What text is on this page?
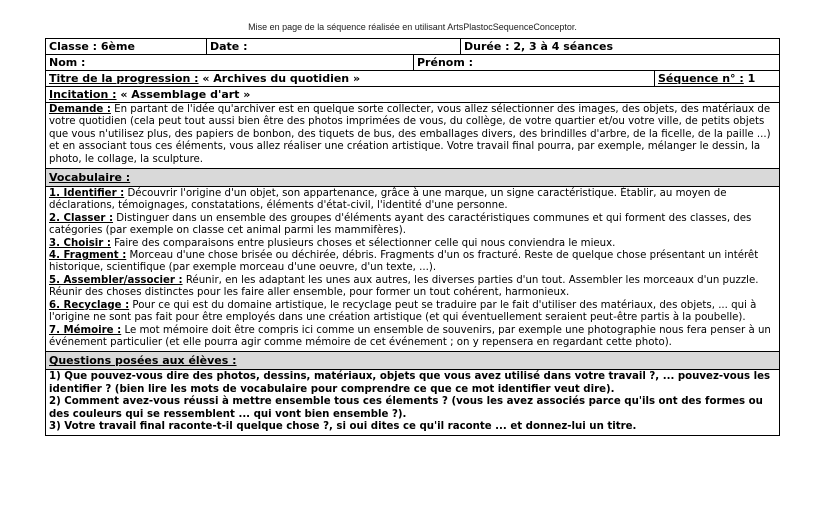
Mise en page de la séquence réalisée en utilisant ArtsPlastocSequenceConceptor.
Classe : 6ème	Date :	Durée : 2, 3 à 4 séances
Nom :	Prénom :
Titre de la progression : « Archives du quotidien »	Séquence n° : 1
Incitation : « Assemblage d'art »
Demande : En partant de l'idée qu'archiver est en quelque sorte collecter, vous allez sélectionner des images, des objets, des matériaux de votre quotidien (cela peut tout aussi bien être des photos imprimées de vous, du collège, de votre quartier et/ou votre ville, de petits objets que vous n'utilisez plus, des papiers de bonbon, des tiquets de bus, des emballages divers, des brindilles d'arbre, de la ficelle, de la paille ...) et en associant tous ces éléments, vous allez réaliser une création artistique. Votre travail final pourra, par exemple, mélanger le dessin, la photo, le collage, la sculpture.
Vocabulaire :

1. Identifier : Découvrir l'origine d'un objet, son appartenance, grâce à une marque, un signe caractéristique. Établir, au moyen de déclarations, témoignages, constatations, éléments d'état-civil, l'identité d'une personne.

2. Classer : Distinguer dans un ensemble des groupes d'éléments ayant des caractéristiques communes et qui forment des classes, des catégories (par exemple on classe cet animal parmi les mammifères).

3. Choisir : Faire des comparaisons entre plusieurs choses et sélectionner celle qui nous conviendra le mieux.

4. Fragment : Morceau d'une chose brisée ou déchirée, débris. Fragments d'un os fracturé. Reste de quelque chose présentant un intérêt historique, scientifique (par exemple morceau d'une oeuvre, d'un texte, ...).

5. Assembler/associer : Réunir, en les adaptant les unes aux autres, les diverses parties d'un tout. Assembler les morceaux d'un puzzle. Réunir des choses distinctes pour les faire aller ensemble, pour former un tout cohérent, harmonieux.

6. Recyclage : Pour ce qui est du domaine artistique, le recyclage peut se traduire par le fait d'utiliser des matériaux, des objets, ... qui à l'origine ne sont pas fait pour être employés dans une création artistique (et qui éventuellement seraient peut-être partis à la poubelle).

7. Mémoire : Le mot mémoire doit être compris ici comme un ensemble de souvenirs, par exemple une photographie nous fera penser à un événement particulier (et elle pourra agir comme mémoire de cet événement ; on y repensera en regardant cette photo).

Questions posées aux élèves :

1) Que pouvez-vous dire des photos, dessins, matériaux, objets que vous avez utilisé dans votre travail ?, ... pouvez-vous les identifier ? (bien lire les mots de vocabulaire pour comprendre ce que ce mot identifier veut dire).

2) Comment avez-vous réussi à mettre ensemble tous ces élements ? (vous les avez associés parce qu'ils ont des formes ou des couleurs qui se ressemblent ... qui vont bien ensemble ?).

3) Votre travail final raconte-t-il quelque chose ?, si oui dites ce qu'il raconte ... et donnez-lui un titre.
